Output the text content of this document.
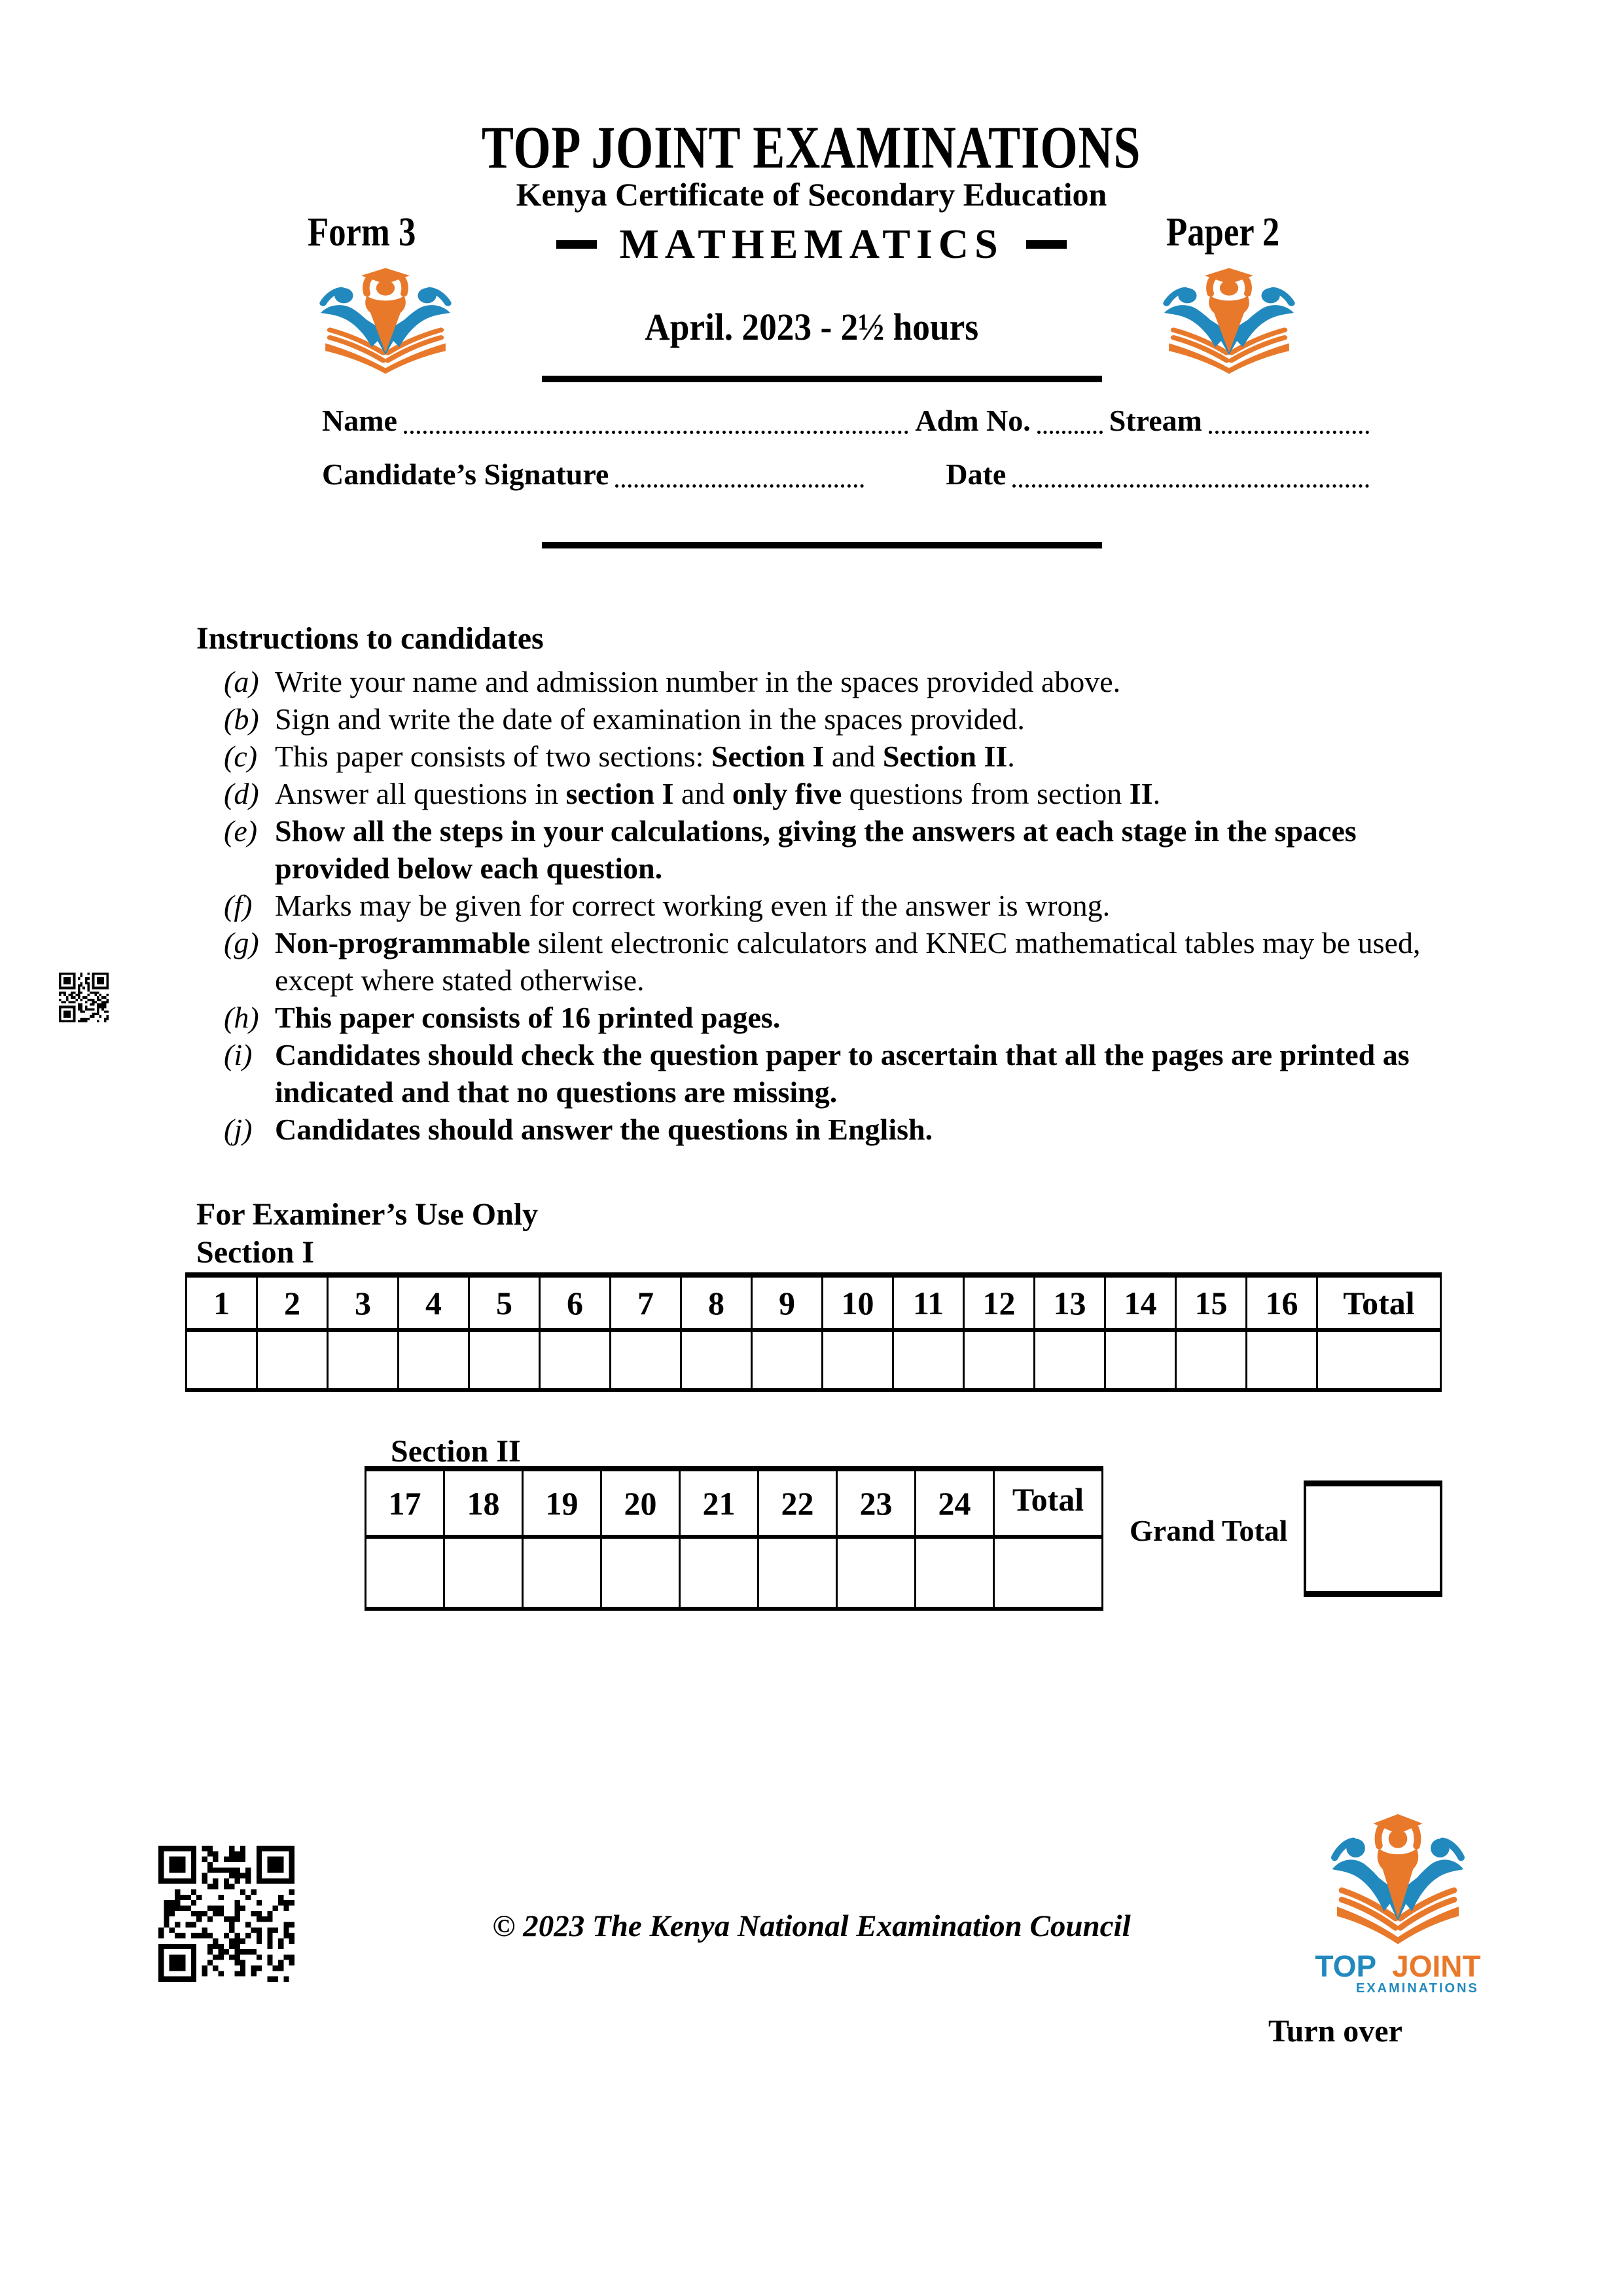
TOP JOINT EXAMINATIONS
Kenya Certificate of Secondary Education
Form 3	MATHEMATICS	Paper 2
April. 2023 - 2½ hours
Name	Adm No.	Stream
Candidate’s Signature	Date
Instructions to candidates
(a) Write your name and admission number in the spaces provided above.
(b) Sign and write the date of examination in the spaces provided.
(c) This paper consists of two sections: Section I and Section II.
(d) Answer all questions in section I and only five questions from section II.
(e) Show all the steps in your calculations, giving the answers at each stage in the spaces provided below each question.
(f) Marks may be given for correct working even if the answer is wrong.
(g) Non-programmable silent electronic calculators and KNEC mathematical tables may be used, except where stated otherwise.
(h) This paper consists of 16 printed pages.
(i) Candidates should check the question paper to ascertain that all the pages are printed as indicated and that no questions are missing.
(j) Candidates should answer the questions in English.
For Examiner’s Use Only
Section I
1	2	3	4	5	6	7	8	9	10	11	12	13	14	15	16	Total

Section II
17	18	19	20	21	22	23	24	Total

Grand Total
© 2023 The Kenya National Examination Council
TOP JOINT
EXAMINATIONS
Turn over
